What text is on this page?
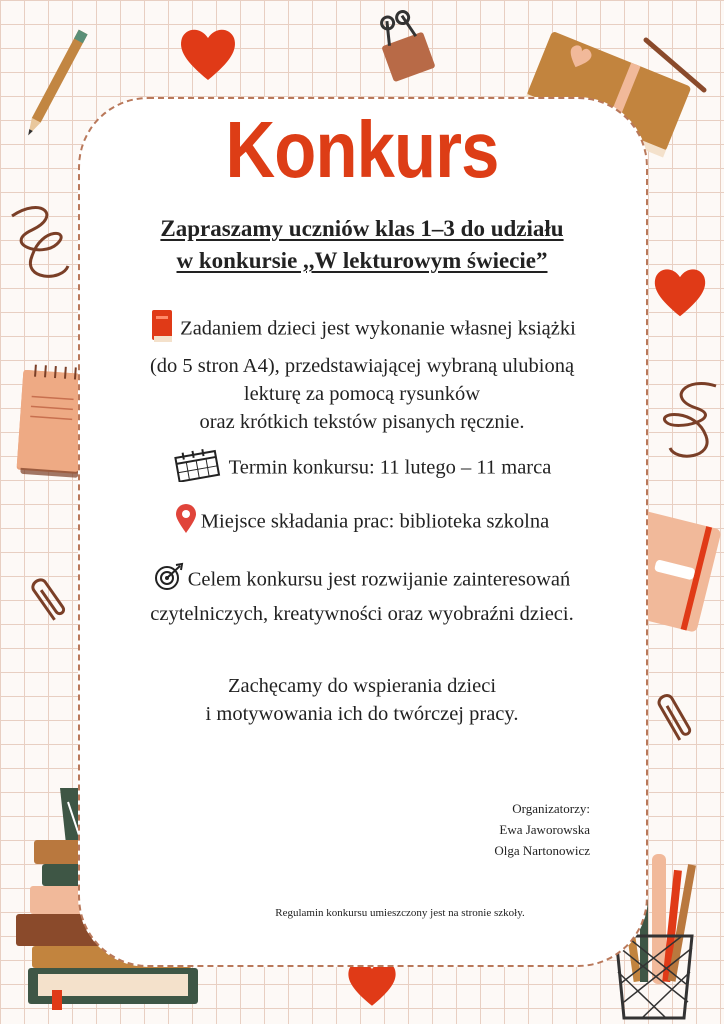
Konkurs
Zapraszamy uczniów klas 1–3 do udziału
w konkursie ,,W lekturowym świecie”
Zadaniem dzieci jest wykonanie własnej książki
(do 5 stron A4), przedstawiającej wybraną ulubioną
lekturę za pomocą rysunków
oraz krótkich tekstów pisanych ręcznie.
Termin konkursu: 11 lutego – 11 marca
Miejsce składania prac: biblioteka szkolna
Celem konkursu jest rozwijanie zainteresowań
czytelniczych, kreatywności oraz wyobraźni dzieci.
Zachęcamy do wspierania dzieci
i motywowania ich do twórczej pracy.
Organizatorzy:
Ewa Jaworowska
Olga Nartonowicz
Regulamin konkursu umieszczony jest na stronie szkoły.
